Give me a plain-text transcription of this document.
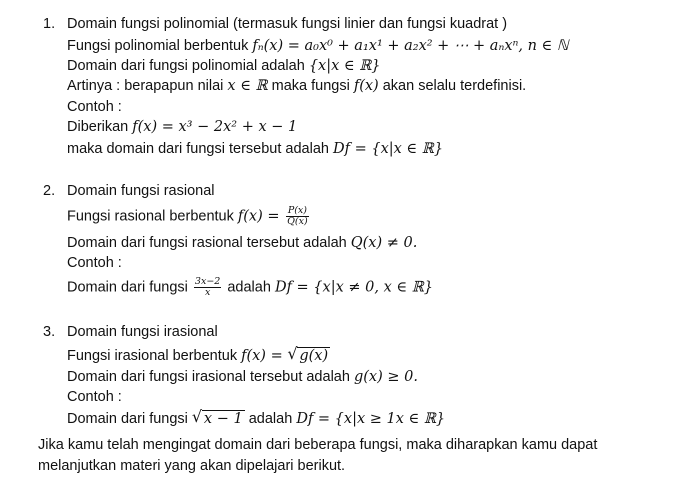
1. Domain fungsi polinomial (termasuk fungsi linier dan fungsi kuadrat )
Fungsi polinomial berbentuk fₙ(x) = a₀x⁰ + a₁x¹ + a₂x² + ⋯ + aₙxⁿ, n ∈ ℕ
Domain dari fungsi polinomial adalah {x|x ∈ ℝ}
Artinya : berapapun nilai x ∈ ℝ maka fungsi f(x) akan selalu terdefinisi.
Contoh :
Diberikan f(x) = x³ − 2x² + x − 1
maka domain dari fungsi tersebut adalah Df = {x|x ∈ ℝ}
2. Domain fungsi rasional
Fungsi rasional berbentuk $f(x) = \frac{P(x)}{Q(x)}$
Domain dari fungsi rasional tersebut adalah Q(x) ≠ 0.
Contoh :
Domain dari fungsi $\frac{3x-2}{x}$ adalah Df = {x|x ≠ 0, x ∈ ℝ}
3. Domain fungsi irasional
Fungsi irasional berbentuk f(x) = √ g(x)
Domain dari fungsi irasional tersebut adalah g(x) ≥ 0.
Contoh :
Domain dari fungsi √ x − 1 adalah Df = {x|x ≥ 1x ∈ ℝ}
Jika kamu telah mengingat domain dari beberapa fungsi, maka diharapkan kamu dapat
melanjutkan materi yang akan dipelajari berikut.
